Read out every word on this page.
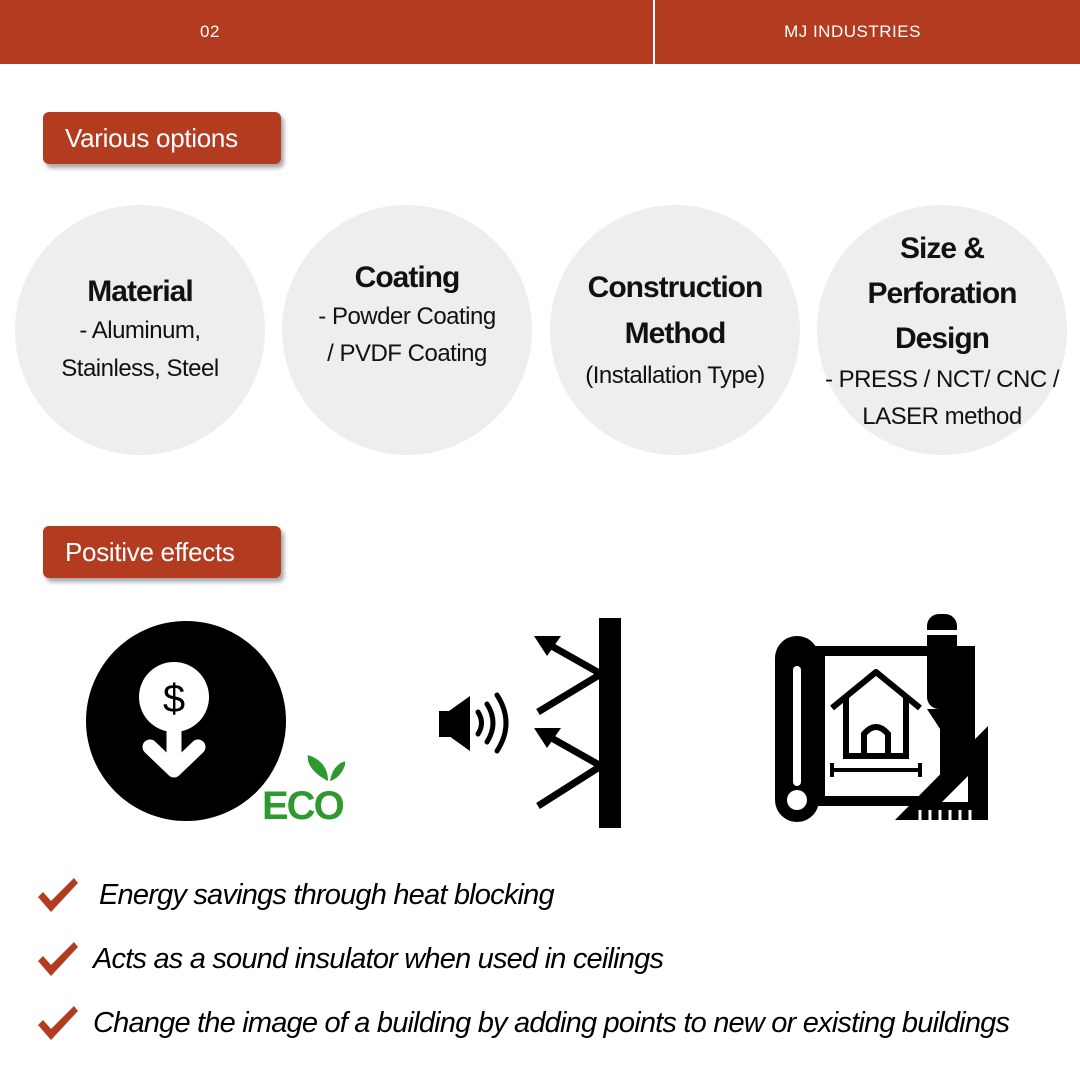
02	MJ INDUSTRIES
Various options
Material
- Aluminum,
Stainless, Steel
Coating
- Powder Coating
/ PVDF Coating
Construction
Method
(Installation Type)
Size &
Perforation Design
- PRESS / NCT/ CNC /
LASER method
Positive effects
$
ECO
Energy savings through heat blocking
Acts as a sound insulator when used in ceilings
Change the image of a building by adding points to new or existing buildings
